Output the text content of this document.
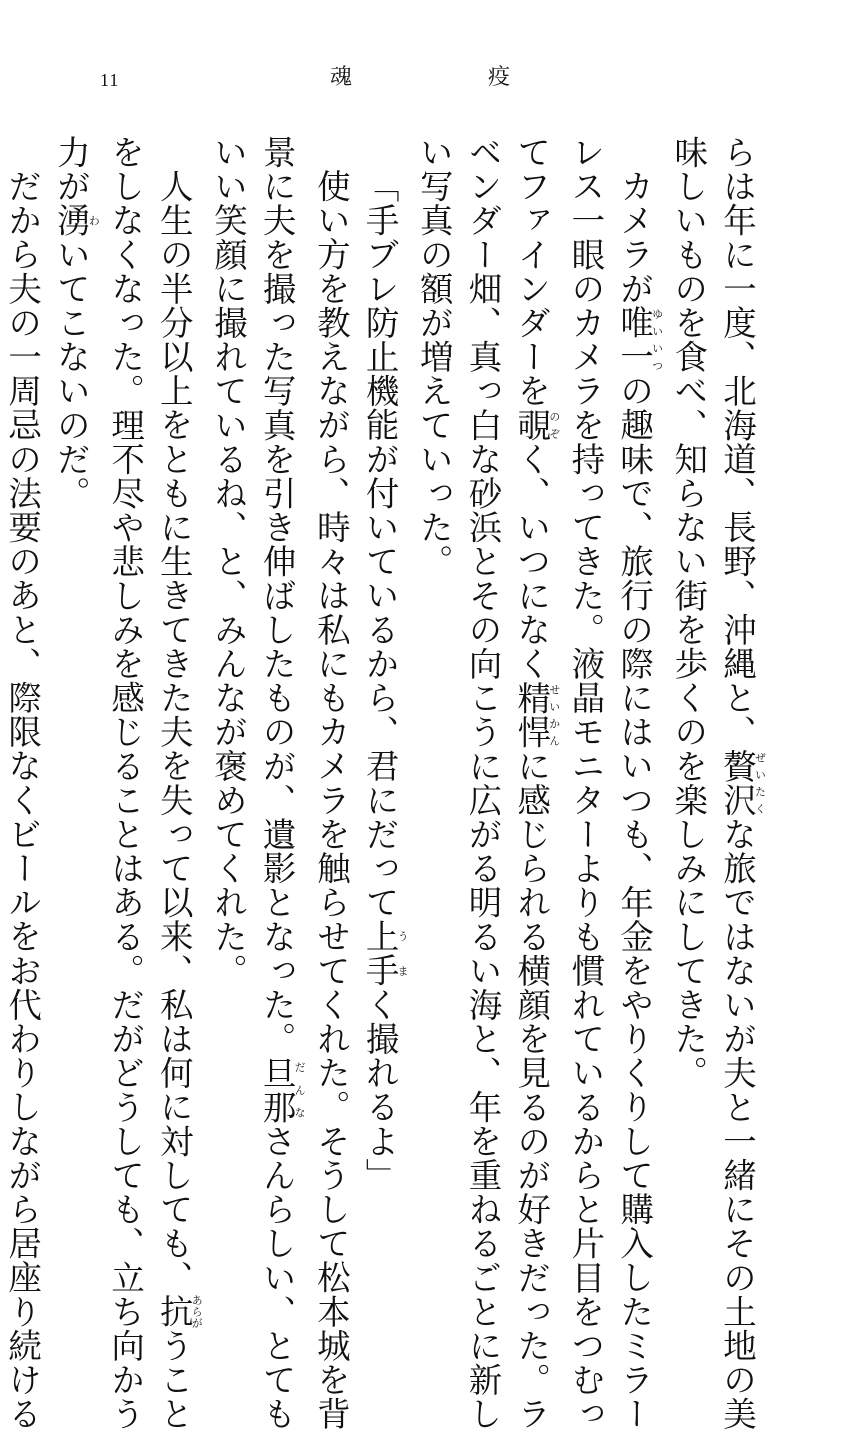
11	魂	疫
らは年に一度、北海道、長野、沖縄と、贅沢ぜいたくな旅ではないが夫と一緒にその土地の美
味しいものを食べ、知らない街を歩くのを楽しみにしてきた。
カメラが唯一ゆいいつの趣味で、旅行の際にはいつも、年金をやりくりして購入したミラー
レス一眼のカメラを持ってきた。液晶モニターよりも慣れているからと片目をつむっ
てファインダーを覗のぞく、いつになく精悍せいかんに感じられる横顔を見るのが好きだった。ラ
ベンダー畑、真っ白な砂浜とその向こうに広がる明るい海と、年を重ねるごとに新し
い写真の額が増えていった。
「手ブレ防止機能が付いているから、君にだって上手うまく撮れるよ」
使い方を教えながら、時々は私にもカメラを触らせてくれた。そうして松本城を背
景に夫を撮った写真を引き伸ばしたものが、遺影となった。旦那だんなさんらしい、とても
いい笑顔に撮れているね、と、みんなが褒めてくれた。
人生の半分以上をともに生きてきた夫を失って以来、私は何に対しても、抗あらがうこと
をしなくなった。理不尽や悲しみを感じることはある。だがどうしても、立ち向かう
力が湧わいてこないのだ。
だから夫の一周忌の法要のあと、際限なくビールをお代わりしながら居座り続ける
